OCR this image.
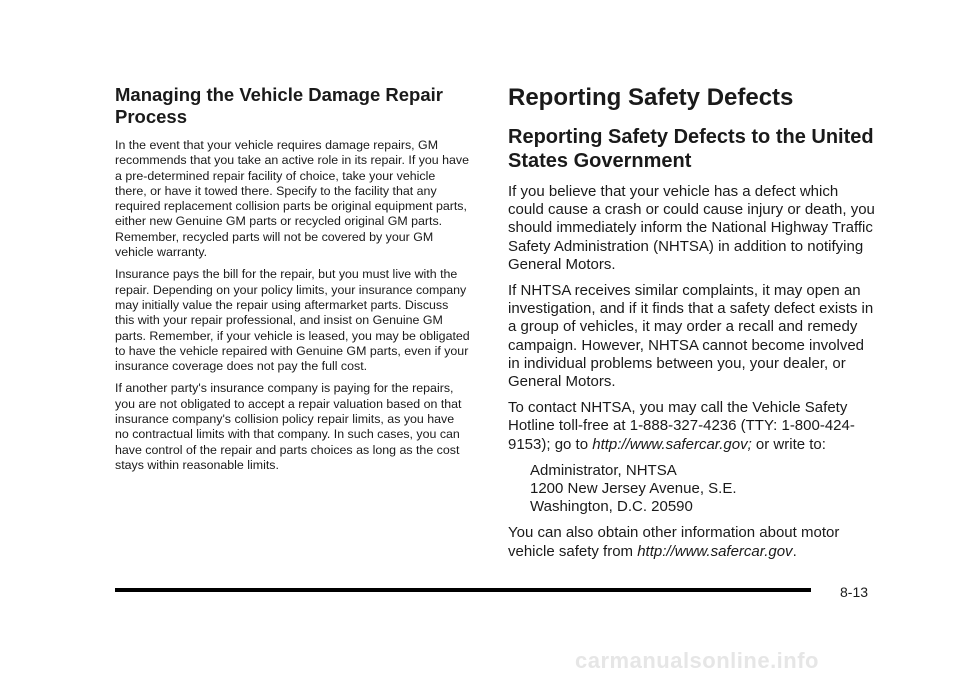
Managing the Vehicle Damage Repair Process

In the event that your vehicle requires damage repairs, GM recommends that you take an active role in its repair. If you have a pre-determined repair facility of choice, take your vehicle there, or have it towed there. Specify to the facility that any required replacement collision parts be original equipment parts, either new Genuine GM parts or recycled original GM parts. Remember, recycled parts will not be covered by your GM vehicle warranty.

Insurance pays the bill for the repair, but you must live with the repair. Depending on your policy limits, your insurance company may initially value the repair using aftermarket parts. Discuss this with your repair professional, and insist on Genuine GM parts. Remember, if your vehicle is leased, you may be obligated to have the vehicle repaired with Genuine GM parts, even if your insurance coverage does not pay the full cost.

If another party's insurance company is paying for the repairs, you are not obligated to accept a repair valuation based on that insurance company's collision policy repair limits, as you have no contractual limits with that company. In such cases, you can have control of the repair and parts choices as long as the cost stays within reasonable limits.

Reporting Safety Defects
Reporting Safety Defects to the United States Government

If you believe that your vehicle has a defect which could cause a crash or could cause injury or death, you should immediately inform the National Highway Traffic Safety Administration (NHTSA) in addition to notifying General Motors.

If NHTSA receives similar complaints, it may open an investigation, and if it finds that a safety defect exists in a group of vehicles, it may order a recall and remedy campaign. However, NHTSA cannot become involved in individual problems between you, your dealer, or General Motors.

To contact NHTSA, you may call the Vehicle Safety Hotline toll-free at 1-888-327-4236 (TTY: 1-800-424-9153); go to http://www.safercar.gov; or write to:

Administrator, NHTSA
1200 New Jersey Avenue, S.E.
Washington, D.C. 20590

You can also obtain other information about motor vehicle safety from http://www.safercar.gov.

8-13
carmanualsonline.info
